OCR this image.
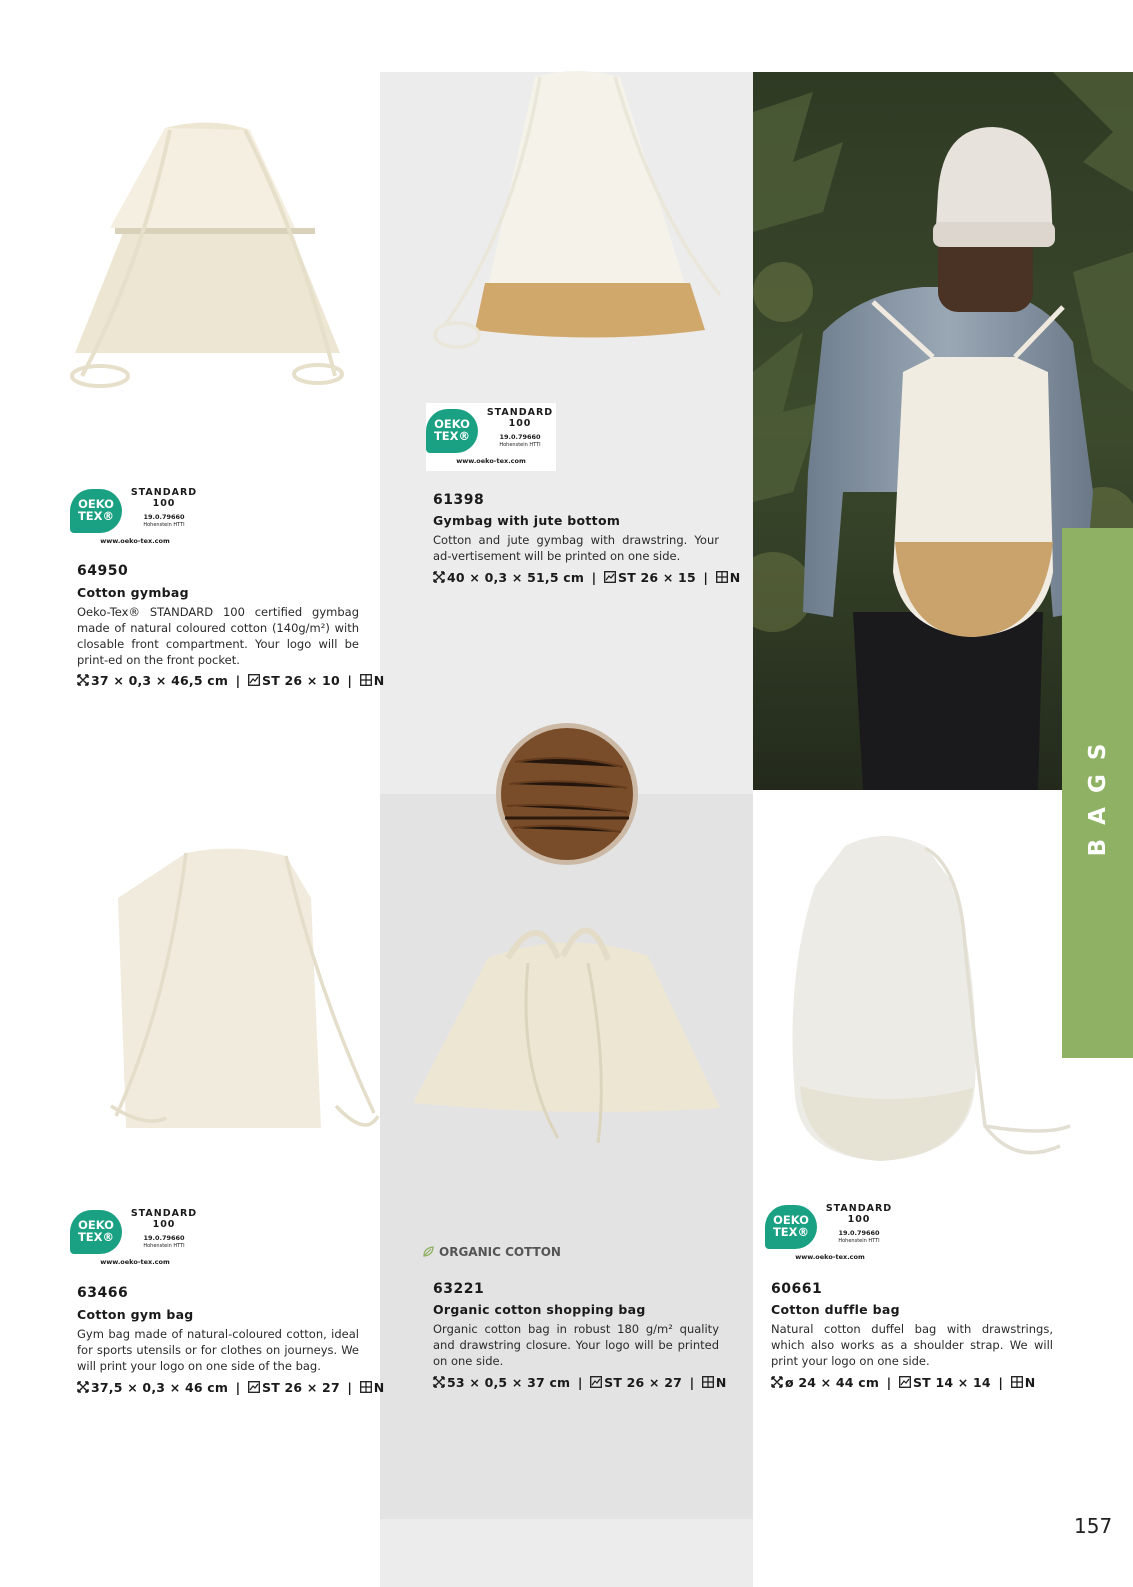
BAGS
OEKO
TEX®
STANDARD
100
19.0.79660
Hohenstein HTTI
www.oeko-tex.com
64950
Cotton gymbag
Oeko-Tex® STANDARD 100 certified gymbag made of natural coloured cotton (140g/m²) with closable front compartment. Your logo will be print-ed on the front pocket.
37 × 0,3 × 46,5 cm | ST 26 × 10 | N
OEKO
TEX®
STANDARD
100
19.0.79660
Hohenstein HTTI
www.oeko-tex.com
61398
Gymbag with jute bottom
Cotton and jute gymbag with drawstring. Your ad-vertisement will be printed on one side.
40 × 0,3 × 51,5 cm | ST 26 × 15 | N
OEKO
TEX®
STANDARD
100
19.0.79660
Hohenstein HTTI
www.oeko-tex.com
63466
Cotton gym bag
Gym bag made of natural-coloured cotton, ideal for sports utensils or for clothes on journeys. We will print your logo on one side of the bag.
37,5 × 0,3 × 46 cm | ST 26 × 27 | N
ORGANIC COTTON
63221
Organic cotton shopping bag
Organic cotton bag in robust 180 g/m² quality and drawstring closure. Your logo will be printed on one side.
53 × 0,5 × 37 cm | ST 26 × 27 | N
OEKO
TEX®
STANDARD
100
19.0.79660
Hohenstein HTTI
www.oeko-tex.com
60661
Cotton duffle bag
Natural cotton duffel bag with drawstrings, which also works as a shoulder strap. We will print your logo on one side.
ø 24 × 44 cm | ST 14 × 14 | N
157
